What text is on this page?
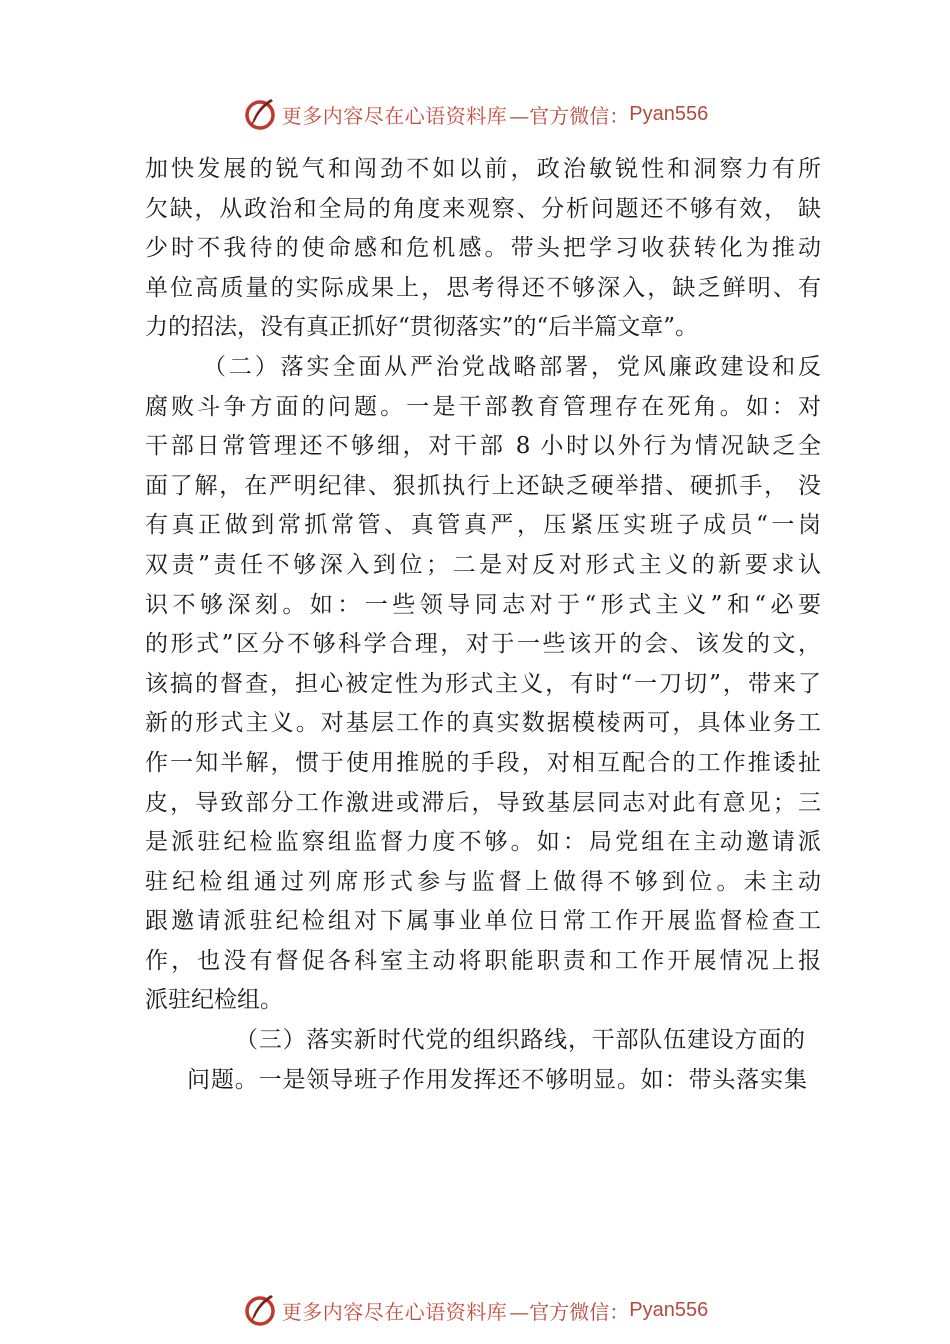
更多内容尽在心语资料库 —官方微信： Pyan556
加快发展的锐气和闯劲不如以前，政治敏锐性和洞察力有所
欠缺，从政治和全局的角度来观察、分析问题还不够有效， 缺
少时不我待的使命感和危机感。带头把学习收获转化为推动
单位高质量的实际成果上，思考得还不够深入，缺乏鲜明、有
力的招法，没有真正抓好“贯彻落实”的“后半篇文章”。
（二）落实全面从严治党战略部署，党风廉政建设和反
腐败斗争方面的问题。一是干部教育管理存在死角。如：对
干部日常管理还不够细，对干部 8 小时以外行为情况缺乏全
面了解，在严明纪律、狠抓执行上还缺乏硬举措、硬抓手， 没
有真正做到常抓常管、真管真严，压紧压实班子成员“一岗
双责”责任不够深入到位；二是对反对形式主义的新要求认
识不够深刻。如：一些领导同志对于“形式主义”和“必要
的形式”区分不够科学合理，对于一些该开的会、该发的文，
该搞的督查，担心被定性为形式主义，有时“一刀切”，带来了
新的形式主义。对基层工作的真实数据模棱两可，具体业务工
作一知半解，惯于使用推脱的手段，对相互配合的工作推诿扯
皮，导致部分工作激进或滞后，导致基层同志对此有意见；三
是派驻纪检监察组监督力度不够。如：局党组在主动邀请派
驻纪检组通过列席形式参与监督上做得不够到位。未主动
跟邀请派驻纪检组对下属事业单位日常工作开展监督检查工
作，也没有督促各科室主动将职能职责和工作开展情况上报
派驻纪检组。
（三）落实新时代党的组织路线，干部队伍建设方面的
问题。一是领导班子作用发挥还不够明显。如：带头落实集
更多内容尽在心语资料库 —官方微信： Pyan556
